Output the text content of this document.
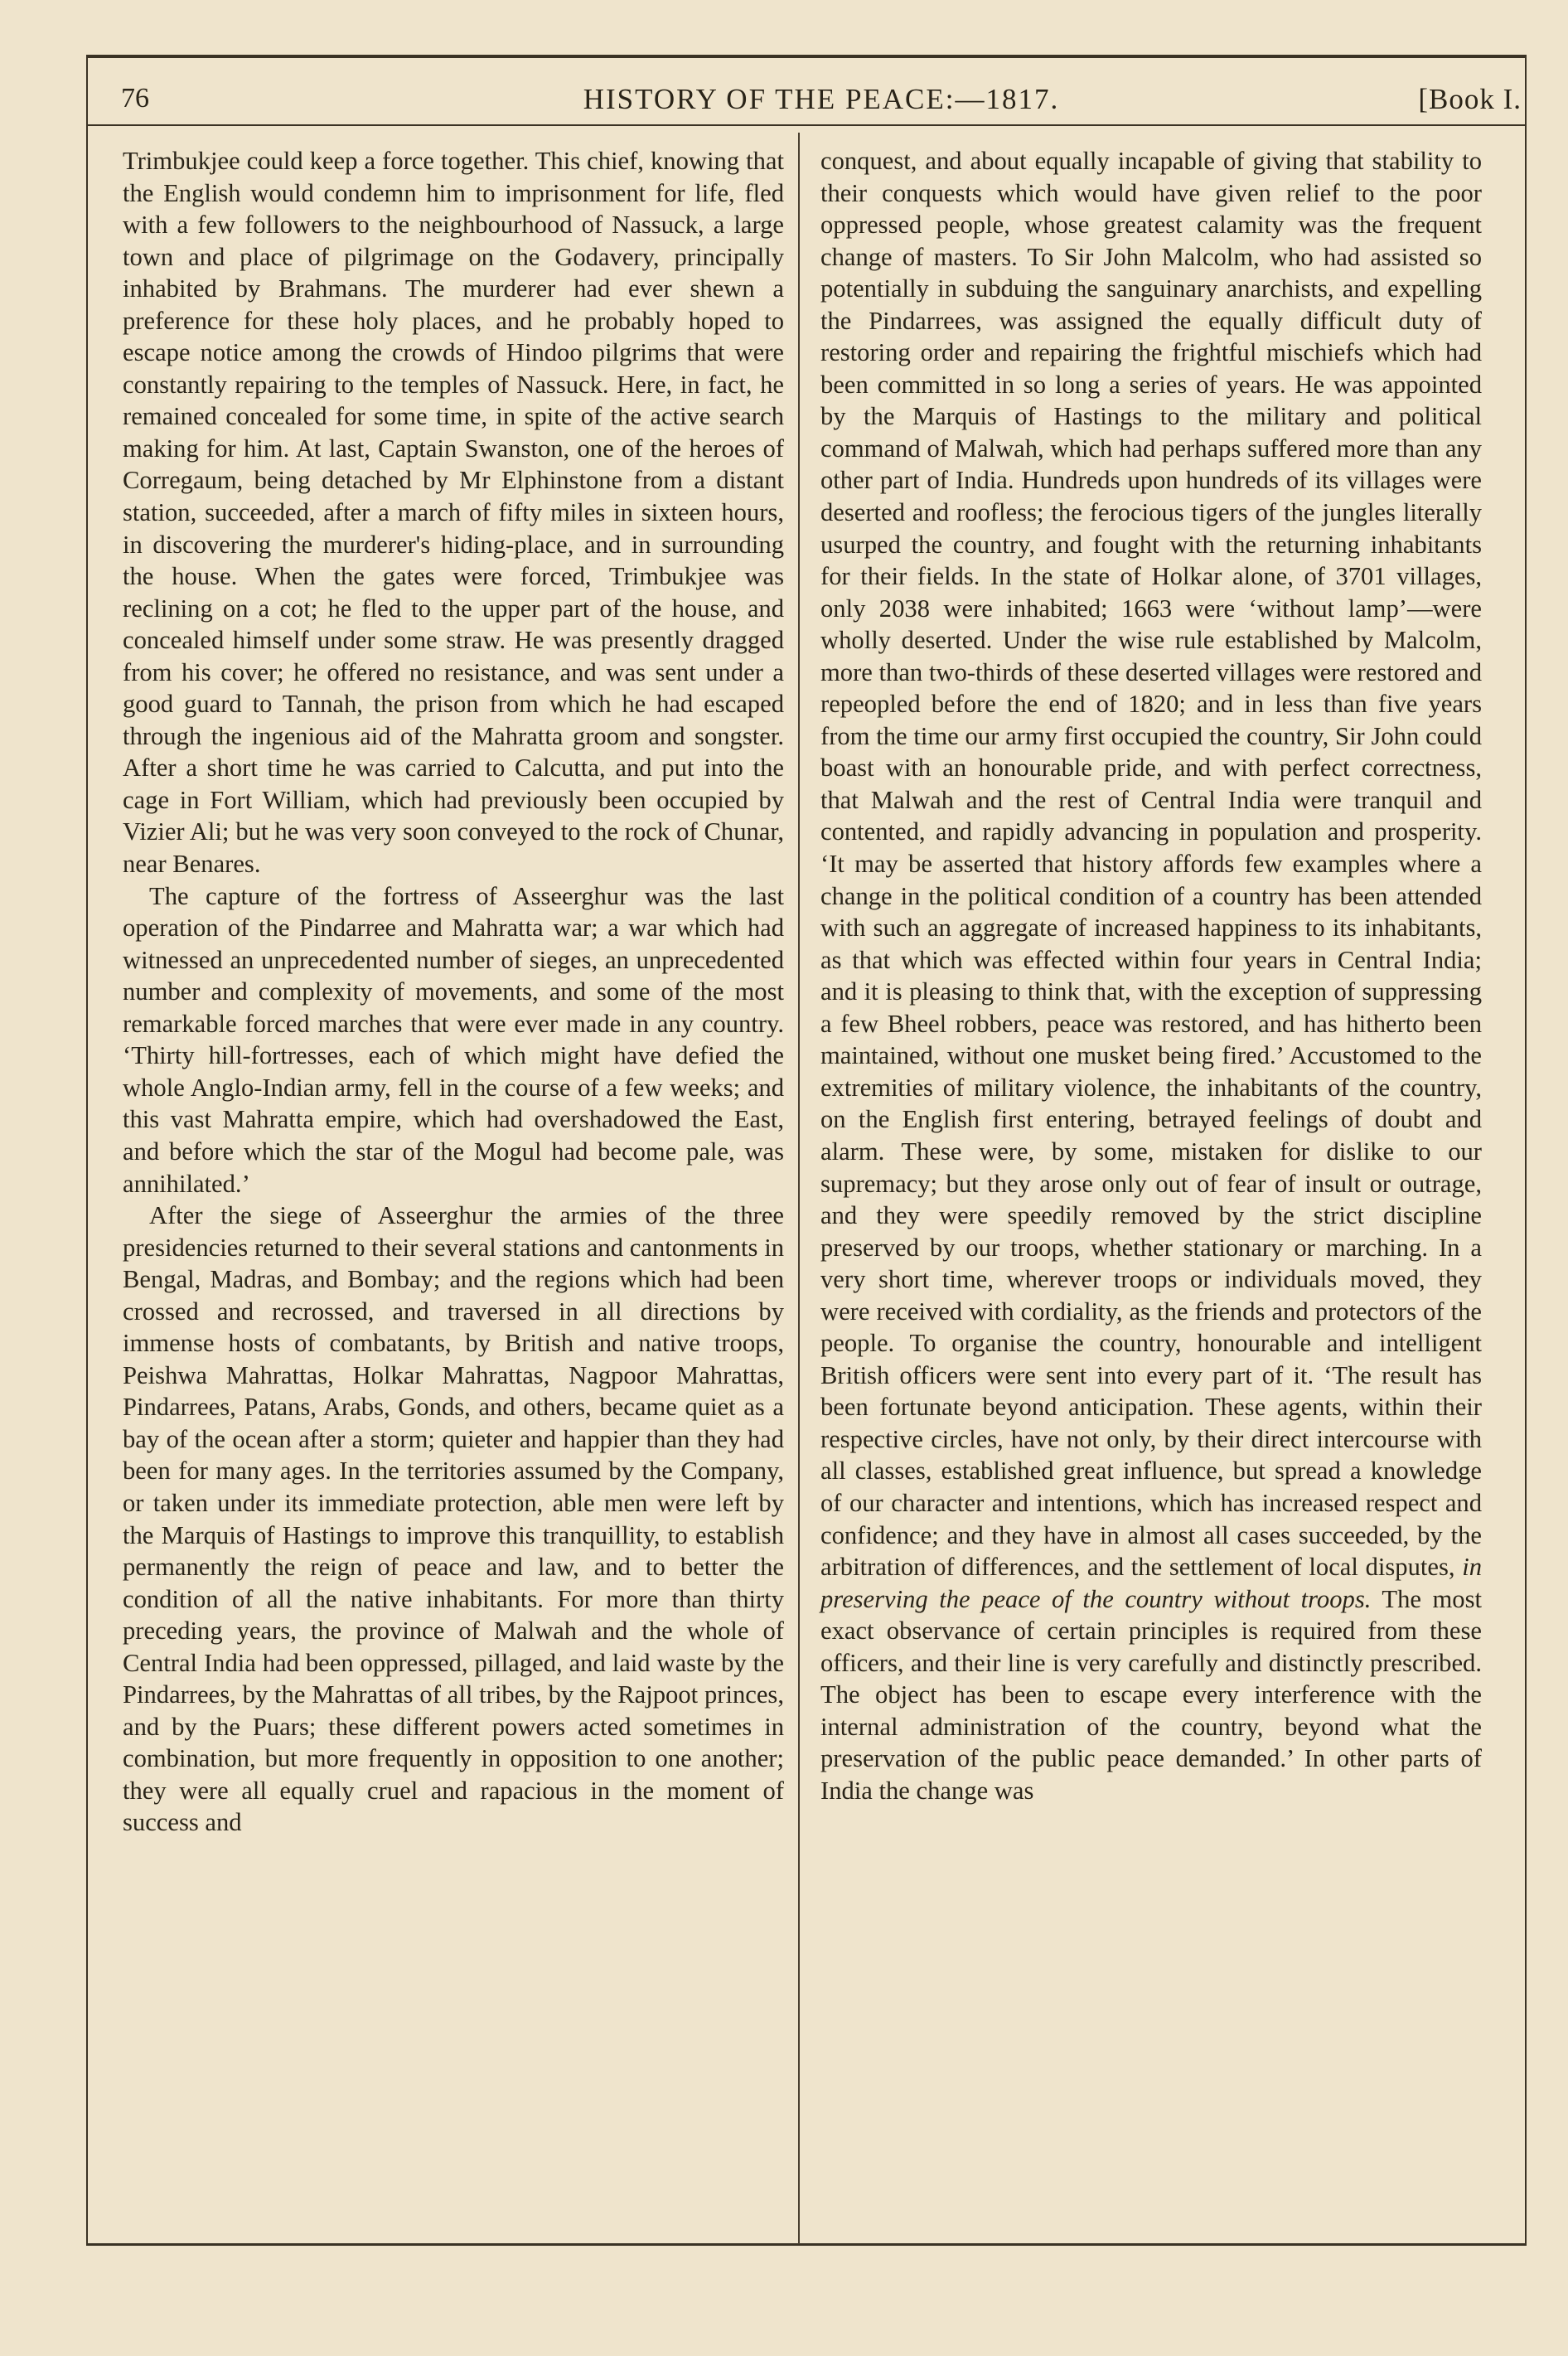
76	HISTORY OF THE PEACE:—1817.	[Book I.

Trimbukjee could keep a force together. This chief, knowing that the English would condemn him to imprisonment for life, fled with a few followers to the neighbourhood of Nassuck, a large town and place of pilgrimage on the Godavery, principally inhabited by Brahmans. The murderer had ever shewn a preference for these holy places, and he probably hoped to escape notice among the crowds of Hindoo pilgrims that were constantly repairing to the temples of Nassuck. Here, in fact, he remained concealed for some time, in spite of the active search making for him. At last, Captain Swanston, one of the heroes of Corregaum, being detached by Mr Elphinstone from a distant station, succeeded, after a march of fifty miles in sixteen hours, in discovering the murderer's hiding-place, and in surrounding the house. When the gates were forced, Trimbukjee was reclining on a cot; he fled to the upper part of the house, and concealed himself under some straw. He was presently dragged from his cover; he offered no resistance, and was sent under a good guard to Tannah, the prison from which he had escaped through the ingenious aid of the Mahratta groom and songster. After a short time he was carried to Calcutta, and put into the cage in Fort William, which had previously been occupied by Vizier Ali; but he was very soon conveyed to the rock of Chunar, near Benares.

The capture of the fortress of Asseerghur was the last operation of the Pindarree and Mahratta war; a war which had witnessed an unprecedented number of sieges, an unprecedented number and complexity of movements, and some of the most remarkable forced marches that were ever made in any country. ‘Thirty hill-fortresses, each of which might have defied the whole Anglo-Indian army, fell in the course of a few weeks; and this vast Mahratta empire, which had overshadowed the East, and before which the star of the Mogul had become pale, was annihilated.’

After the siege of Asseerghur the armies of the three presidencies returned to their several stations and cantonments in Bengal, Madras, and Bombay; and the regions which had been crossed and recrossed, and traversed in all directions by immense hosts of combatants, by British and native troops, Peishwa Mahrattas, Holkar Mahrattas, Nagpoor Mahrattas, Pindarrees, Patans, Arabs, Gonds, and others, became quiet as a bay of the ocean after a storm; quieter and happier than they had been for many ages. In the territories assumed by the Company, or taken under its immediate protection, able men were left by the Marquis of Hastings to improve this tranquillity, to establish permanently the reign of peace and law, and to better the condition of all the native inhabitants. For more than thirty preceding years, the province of Malwah and the whole of Central India had been oppressed, pillaged, and laid waste by the Pindarrees, by the Mahrattas of all tribes, by the Rajpoot princes, and by the Puars; these different powers acted sometimes in combination, but more frequently in opposition to one another; they were all equally cruel and rapacious in the moment of success and

conquest, and about equally incapable of giving that stability to their conquests which would have given relief to the poor oppressed people, whose greatest calamity was the frequent change of masters. To Sir John Malcolm, who had assisted so potentially in subduing the sanguinary anarchists, and expelling the Pindarrees, was assigned the equally difficult duty of restoring order and repairing the frightful mischiefs which had been committed in so long a series of years. He was appointed by the Marquis of Hastings to the military and political command of Malwah, which had perhaps suffered more than any other part of India. Hundreds upon hundreds of its villages were deserted and roofless; the ferocious tigers of the jungles literally usurped the country, and fought with the returning inhabitants for their fields. In the state of Holkar alone, of 3701 villages, only 2038 were inhabited; 1663 were ‘without lamp’—were wholly deserted. Under the wise rule established by Malcolm, more than two-thirds of these deserted villages were restored and repeopled before the end of 1820; and in less than five years from the time our army first occupied the country, Sir John could boast with an honourable pride, and with perfect correctness, that Malwah and the rest of Central India were tranquil and contented, and rapidly advancing in population and prosperity. ‘It may be asserted that history affords few examples where a change in the political condition of a country has been attended with such an aggregate of increased happiness to its inhabitants, as that which was effected within four years in Central India; and it is pleasing to think that, with the exception of suppressing a few Bheel robbers, peace was restored, and has hitherto been maintained, without one musket being fired.’ Accustomed to the extremities of military violence, the inhabitants of the country, on the English first entering, betrayed feelings of doubt and alarm. These were, by some, mistaken for dislike to our supremacy; but they arose only out of fear of insult or outrage, and they were speedily removed by the strict discipline preserved by our troops, whether stationary or marching. In a very short time, wherever troops or individuals moved, they were received with cordiality, as the friends and protectors of the people. To organise the country, honourable and intelligent British officers were sent into every part of it. ‘The result has been fortunate beyond anticipation. These agents, within their respective circles, have not only, by their direct intercourse with all classes, established great influence, but spread a knowledge of our character and intentions, which has increased respect and confidence; and they have in almost all cases succeeded, by the arbitration of differences, and the settlement of local disputes, in preserving the peace of the country without troops. The most exact observance of certain principles is required from these officers, and their line is very carefully and distinctly prescribed. The object has been to escape every interference with the internal administration of the country, beyond what the preservation of the public peace demanded.’ In other parts of India the change was
